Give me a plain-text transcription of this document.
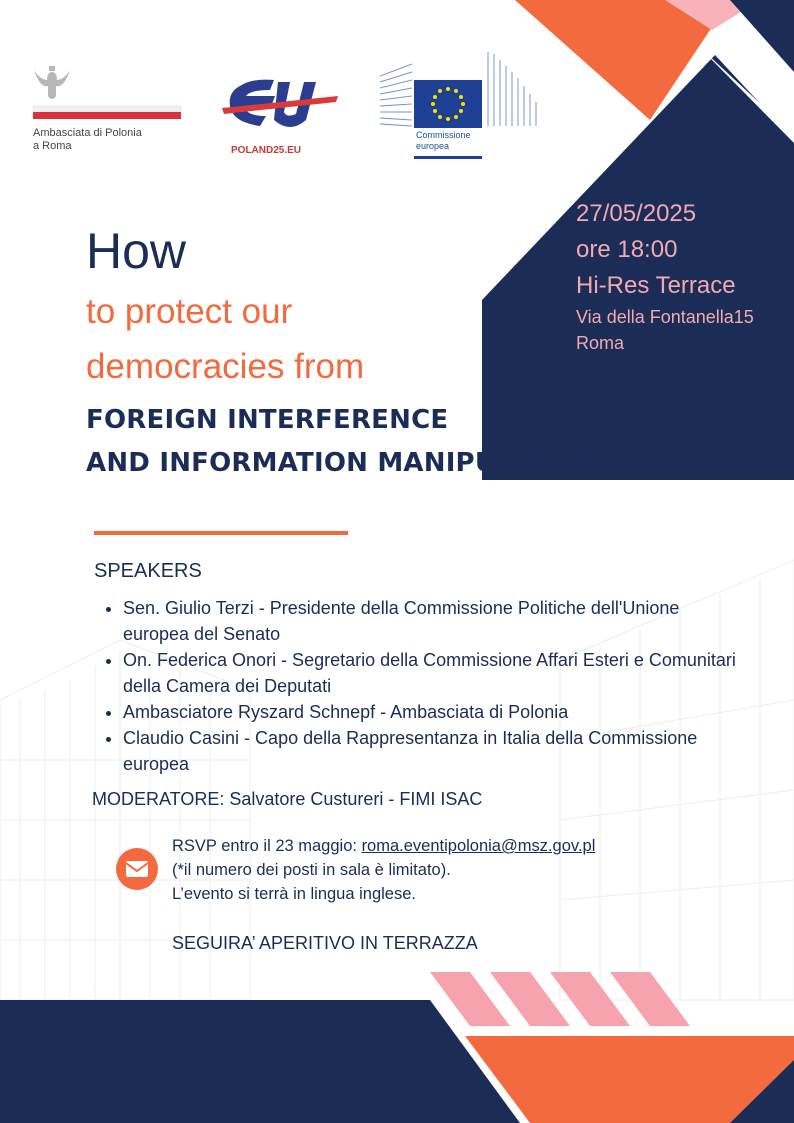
Ambasciata di Polonia
a Roma	POLAND25.EU
Commissione
europea
27/05/2025
ore 18:00
Hi-Res Terrace
Via della Fontanella15
Roma
How
to protect our
democracies from
FOREIGN INTERFERENCE
AND INFORMATION MANIPULATION?
SPEAKERS
• Sen. Giulio Terzi - Presidente della Commissione Politiche dell'Unione europea del Senato
• On. Federica Onori - Segretario della Commissione Affari Esteri e Comunitari della Camera dei Deputati
• Ambasciatore Ryszard Schnepf - Ambasciata di Polonia
• Claudio Casini - Capo della Rappresentanza in Italia della Commissione europea
MODERATORE: Salvatore Custureri - FIMI ISAC
RSVP entro il 23 maggio: roma.eventipolonia@msz.gov.pl
(*il numero dei posti in sala è limitato).
L’evento si terrà in lingua inglese.
SEGUIRA’ APERITIVO IN TERRAZZA
